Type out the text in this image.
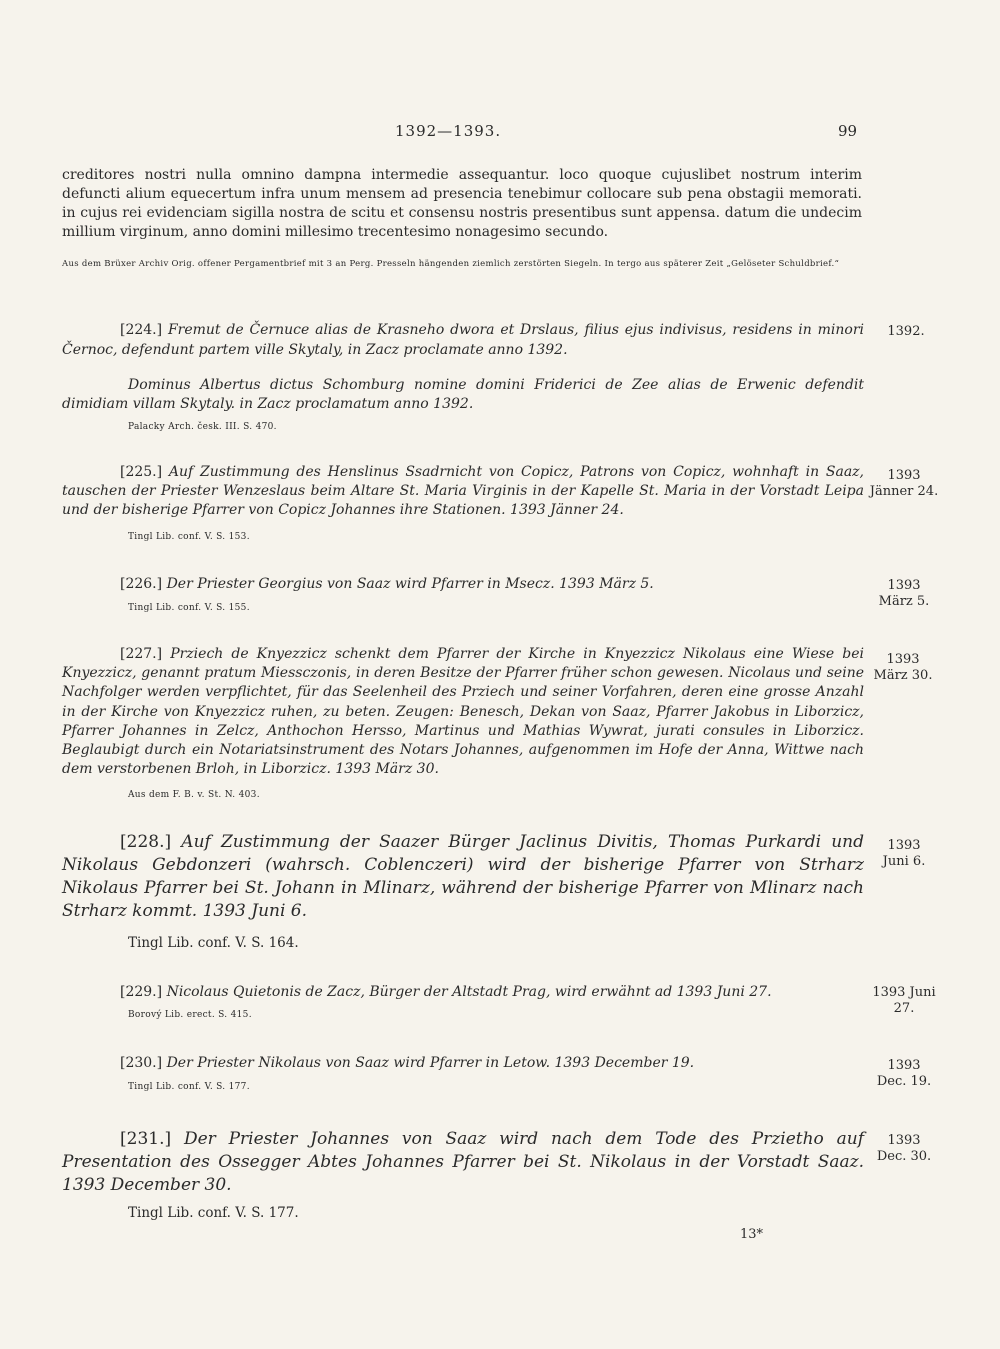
1392—1393.	99
creditores nostri nulla omnino dampna intermedie assequantur. loco quoque cujuslibet nostrum interim defuncti alium equecertum infra unum mensem ad presencia tenebimur collocare sub pena obstagii memorati. in cujus rei evidenciam sigilla nostra de scitu et consensu nostris presentibus sunt appensa. datum die undecim millium virginum, anno domini millesimo trecentesimo nonagesimo secundo.
Aus dem Brüxer Archiv Orig. offener Pergamentbrief mit 3 an Perg. Presseln hängenden ziemlich zerstörten Siegeln. In tergo aus späterer Zeit „Gelöseter Schuldbrief.“
[224.] Fremut de Černuce alias de Krasneho dwora et Drslaus, filius ejus indivisus, residens in minori Černoc, defendunt partem ville Skytaly, in Zacz proclamate anno 1392.
Dominus Albertus dictus Schomburg nomine domini Friderici de Zee alias de Erwenic defendit dimidiam villam Skytaly. in Zacz proclamatum anno 1392.
Palacky Arch. česk. III. S. 470.
1392.
[225.] Auf Zustimmung des Henslinus Ssadrnicht von Copicz, Patrons von Copicz, wohnhaft in Saaz, tauschen der Priester Wenzeslaus beim Altare St. Maria Virginis in der Kapelle St. Maria in der Vorstadt Leipa und der bisherige Pfarrer von Copicz Johannes ihre Stationen. 1393 Jänner 24.
Tingl Lib. conf. V. S. 153.
1393 Jänner 24.
[226.] Der Priester Georgius von Saaz wird Pfarrer in Msecz. 1393 März 5.
Tingl Lib. conf. V. S. 155.
1393 März 5.
[227.] Prziech de Knyezzicz schenkt dem Pfarrer der Kirche in Knyezzicz Nikolaus eine Wiese bei Knyezzicz, genannt pratum Miessczonis, in deren Besitze der Pfarrer früher schon gewesen. Nicolaus und seine Nachfolger werden verpflichtet, für das Seelenheil des Prziech und seiner Vorfahren, deren eine grosse Anzahl in der Kirche von Knyezzicz ruhen, zu beten. Zeugen: Benesch, Dekan von Saaz, Pfarrer Jakobus in Liborzicz, Pfarrer Johannes in Zelcz, Anthochon Hersso, Martinus und Mathias Wywrat, jurati consules in Liborzicz. Beglaubigt durch ein Notariatsinstrument des Notars Johannes, aufgenommen im Hofe der Anna, Wittwe nach dem verstorbenen Brloh, in Liborzicz. 1393 März 30.
Aus dem F. B. v. St. N. 403.
1393 März 30.
[228.] Auf Zustimmung der Saazer Bürger Jaclinus Divitis, Thomas Purkardi und Nikolaus Gebdonzeri (wahrsch. Coblenczeri) wird der bisherige Pfarrer von Strharz Nikolaus Pfarrer bei St. Johann in Mlinarz, während der bisherige Pfarrer von Mlinarz nach Strharz kommt. 1393 Juni 6.
Tingl Lib. conf. V. S. 164.
1393 Juni 6.
[229.] Nicolaus Quietonis de Zacz, Bürger der Altstadt Prag, wird erwähnt ad 1393 Juni 27.
Borový Lib. erect. S. 415.
1393 Juni 27.
[230.] Der Priester Nikolaus von Saaz wird Pfarrer in Letow. 1393 December 19.
Tingl Lib. conf. V. S. 177.
1393 Dec. 19.
[231.] Der Priester Johannes von Saaz wird nach dem Tode des Przietho auf Presentation des Ossegger Abtes Johannes Pfarrer bei St. Nikolaus in der Vorstadt Saaz. 1393 December 30.
Tingl Lib. conf. V. S. 177.
1393 Dec. 30.
13*
